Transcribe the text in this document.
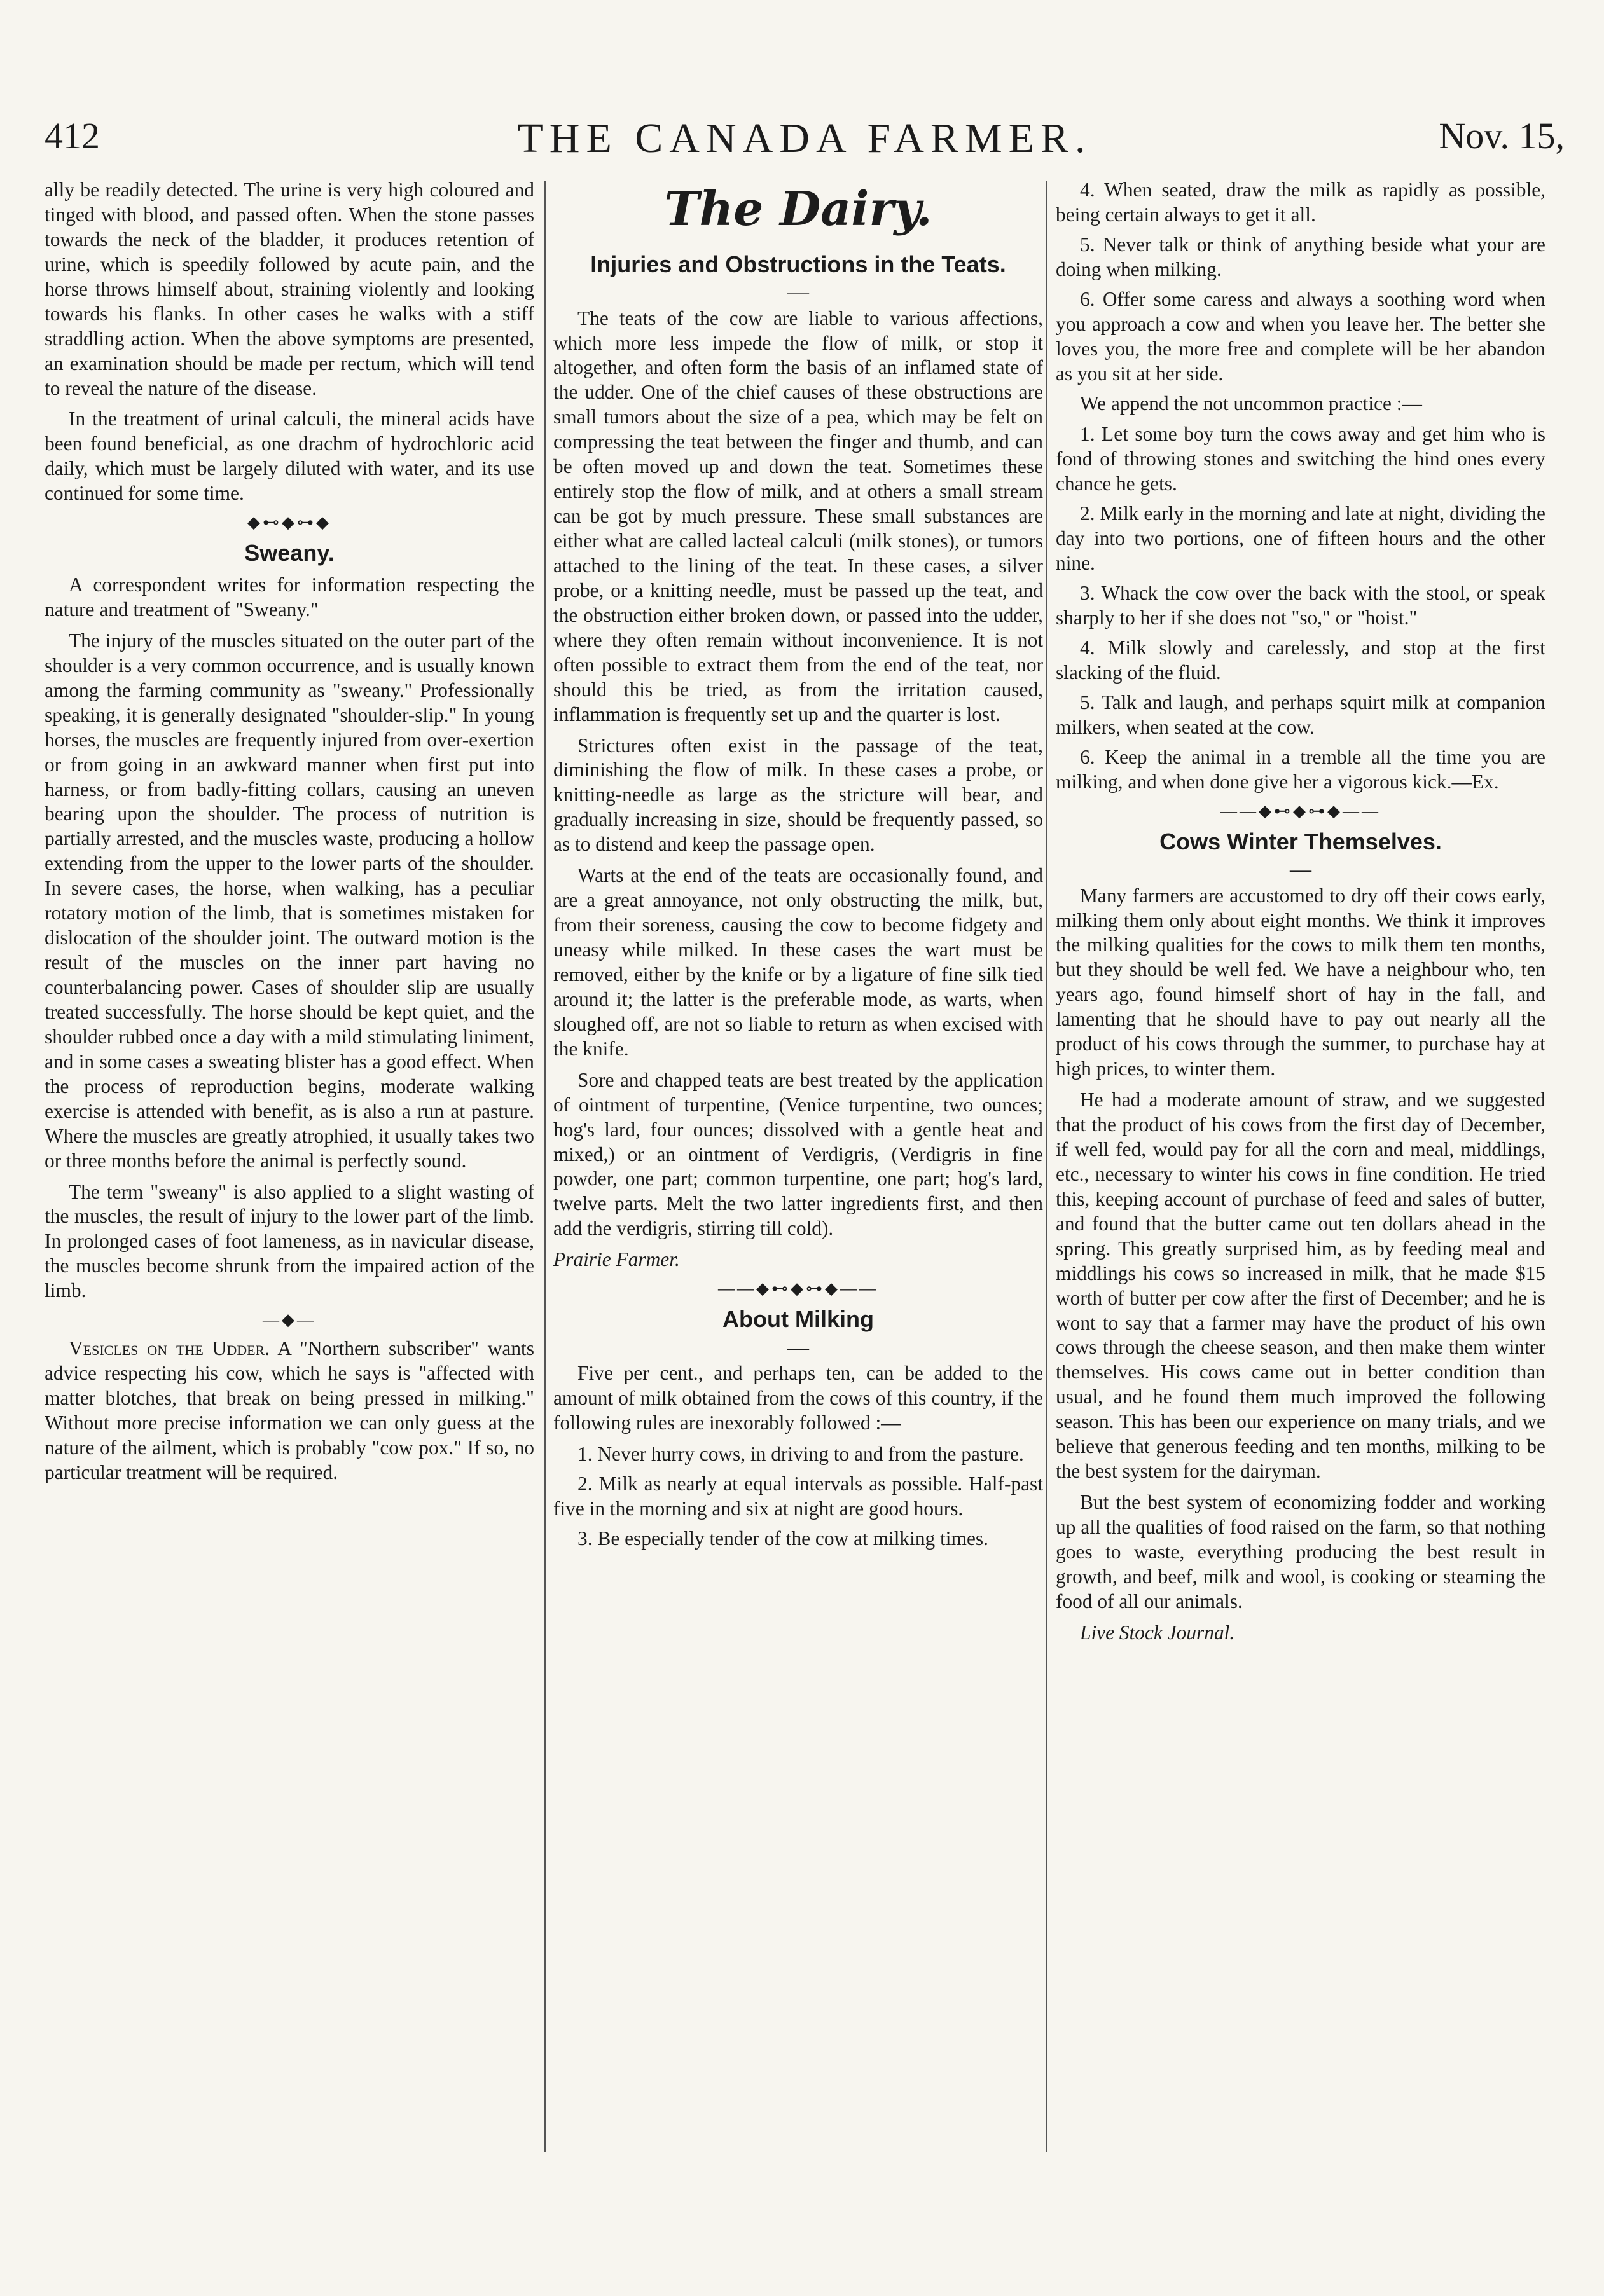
412	THE CANADA FARMER.	Nov. 15,

ally be readily detected. The urine is very high coloured and tinged with blood, and passed often. When the stone passes towards the neck of the bladder, it produces retention of urine, which is speedily followed by acute pain, and the horse throws himself about, straining violently and looking towards his flanks. In other cases he walks with a stiff straddling action. When the above symptoms are presented, an examination should be made per rectum, which will tend to reveal the nature of the disease.

In the treatment of urinal calculi, the mineral acids have been found beneficial, as one drachm of hydrochloric acid daily, which must be largely diluted with water, and its use continued for some time.

◆⊷◆⊶◆
Sweany.

A correspondent writes for information respecting the nature and treatment of "Sweany."

The injury of the muscles situated on the outer part of the shoulder is a very common occurrence, and is usually known among the farming community as "sweany." Professionally speaking, it is generally designated "shoulder-slip." In young horses, the muscles are frequently injured from over-exertion or from going in an awkward manner when first put into harness, or from badly-fitting collars, causing an uneven bearing upon the shoulder. The process of nutrition is partially arrested, and the muscles waste, producing a hollow extending from the upper to the lower parts of the shoulder. In severe cases, the horse, when walking, has a peculiar rotatory motion of the limb, that is sometimes mistaken for dislocation of the shoulder joint. The outward motion is the result of the muscles on the inner part having no counterbalancing power. Cases of shoulder slip are usually treated successfully. The horse should be kept quiet, and the shoulder rubbed once a day with a mild stimulating liniment, and in some cases a sweating blister has a good effect. When the process of reproduction begins, moderate walking exercise is attended with benefit, as is also a run at pasture. Where the muscles are greatly atrophied, it usually takes two or three months before the animal is perfectly sound.

The term "sweany" is also applied to a slight wasting of the muscles, the result of injury to the lower part of the limb. In prolonged cases of foot lameness, as in navicular disease, the muscles become shrunk from the impaired action of the limb.

—◆—

Vesicles on the Udder. A "Northern subscriber" wants advice respecting his cow, which he says is "affected with matter blotches, that break on being pressed in milking." Without more precise information we can only guess at the nature of the ailment, which is probably "cow pox." If so, no particular treatment will be required.

The Dairy.
Injuries and Obstructions in the Teats.
—

The teats of the cow are liable to various affections, which more less impede the flow of milk, or stop it altogether, and often form the basis of an inflamed state of the udder. One of the chief causes of these obstructions are small tumors about the size of a pea, which may be felt on compressing the teat between the finger and thumb, and can be often moved up and down the teat. Sometimes these entirely stop the flow of milk, and at others a small stream can be got by much pressure. These small substances are either what are called lacteal calculi (milk stones), or tumors attached to the lining of the teat. In these cases, a silver probe, or a knitting needle, must be passed up the teat, and the obstruction either broken down, or passed into the udder, where they often remain without inconvenience. It is not often possible to extract them from the end of the teat, nor should this be tried, as from the irritation caused, inflammation is frequently set up and the quarter is lost.

Strictures often exist in the passage of the teat, diminishing the flow of milk. In these cases a probe, or knitting-needle as large as the stricture will bear, and gradually increasing in size, should be frequently passed, so as to distend and keep the passage open.

Warts at the end of the teats are occasionally found, and are a great annoyance, not only obstructing the milk, but, from their soreness, causing the cow to become fidgety and uneasy while milked. In these cases the wart must be removed, either by the knife or by a ligature of fine silk tied around it; the latter is the preferable mode, as warts, when sloughed off, are not so liable to return as when excised with the knife.

Sore and chapped teats are best treated by the application of ointment of turpentine, (Venice turpentine, two ounces; hog's lard, four ounces; dissolved with a gentle heat and mixed,) or an ointment of Verdigris, (Verdigris in fine powder, one part; common turpentine, one part; hog's lard, twelve parts. Melt the two latter ingredients first, and then add the verdigris, stirring till cold).

Prairie Farmer.

——◆⊷◆⊶◆——
About Milking
—

Five per cent., and perhaps ten, can be added to the amount of milk obtained from the cows of this country, if the following rules are inexorably followed :—

1. Never hurry cows, in driving to and from the pasture.
2. Milk as nearly at equal intervals as possible. Half-past five in the morning and six at night are good hours.
3. Be especially tender of the cow at milking times.
4. When seated, draw the milk as rapidly as possible, being certain always to get it all.
5. Never talk or think of anything beside what your are doing when milking.
6. Offer some caress and always a soothing word when you approach a cow and when you leave her. The better she loves you, the more free and complete will be her abandon as you sit at her side.

We append the not uncommon practice :—

1. Let some boy turn the cows away and get him who is fond of throwing stones and switching the hind ones every chance he gets.
2. Milk early in the morning and late at night, dividing the day into two portions, one of fifteen hours and the other nine.
3. Whack the cow over the back with the stool, or speak sharply to her if she does not "so," or "hoist."
4. Milk slowly and carelessly, and stop at the first slacking of the fluid.
5. Talk and laugh, and perhaps squirt milk at companion milkers, when seated at the cow.
6. Keep the animal in a tremble all the time you are milking, and when done give her a vigorous kick.—Ex.
——◆⊷◆⊶◆——
Cows Winter Themselves.
—

Many farmers are accustomed to dry off their cows early, milking them only about eight months. We think it improves the milking qualities for the cows to milk them ten months, but they should be well fed. We have a neighbour who, ten years ago, found himself short of hay in the fall, and lamenting that he should have to pay out nearly all the product of his cows through the summer, to purchase hay at high prices, to winter them.

He had a moderate amount of straw, and we suggested that the product of his cows from the first day of December, if well fed, would pay for all the corn and meal, middlings, etc., necessary to winter his cows in fine condition. He tried this, keeping account of purchase of feed and sales of butter, and found that the butter came out ten dollars ahead in the spring. This greatly surprised him, as by feeding meal and middlings his cows so increased in milk, that he made $15 worth of butter per cow after the first of December; and he is wont to say that a farmer may have the product of his own cows through the cheese season, and then make them winter themselves. His cows came out in better condition than usual, and he found them much improved the following season. This has been our experience on many trials, and we believe that generous feeding and ten months, milking to be the best system for the dairyman.

But the best system of economizing fodder and working up all the qualities of food raised on the farm, so that nothing goes to waste, everything producing the best result in growth, and beef, milk and wool, is cooking or steaming the food of all our animals.

Live Stock Journal.
